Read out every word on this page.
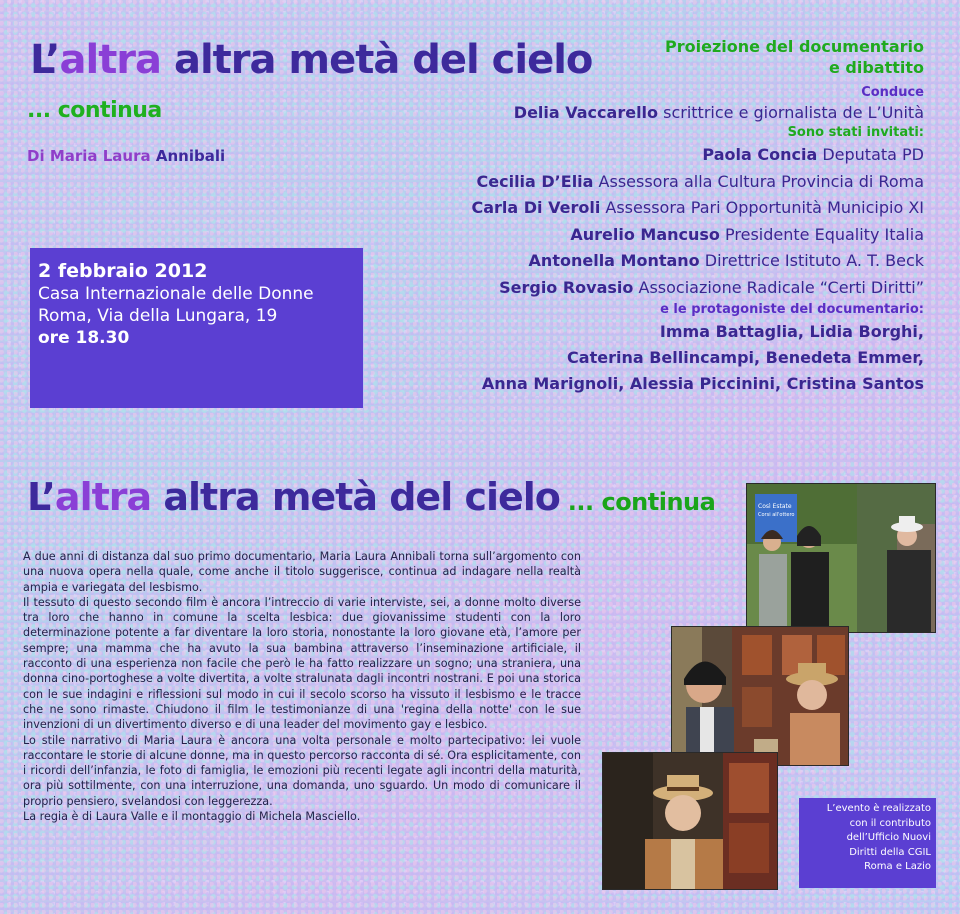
L’altra altra metà del cielo
... continua
Di Maria Laura Annibali
2 febbraio 2012
Casa Internazionale delle Donne
Roma, Via della Lungara, 19
ore 18.30
Proiezione del documentario
e dibattito
Conduce
Delia Vaccarello scrittrice e giornalista de L’Unità
Sono stati invitati:
Paola Concia Deputata PD
Cecilia D’Elia Assessora alla Cultura Provincia di Roma
Carla Di Veroli Assessora Pari Opportunità Municipio XI
Aurelio Mancuso Presidente Equality Italia
Antonella Montano Direttrice Istituto A. T. Beck
Sergio Rovasio Associazione Radicale “Certi Diritti”
e le protagoniste del documentario:
Imma Battaglia, Lidia Borghi,
Caterina Bellincampi, Benedeta Emmer,
Anna Marignoli, Alessia Piccinini, Cristina Santos
L’altra altra metà del cielo ... continua

A due anni di distanza dal suo primo documentario, Maria Laura Annibali torna sull’argomento con una nuova opera nella quale, come anche il titolo suggerisce, continua ad indagare nella realtà ampia e variegata del lesbismo.

Il tessuto di questo secondo film è ancora l’intreccio di varie interviste, sei, a donne molto diverse tra loro che hanno in comune la scelta lesbica: due giovanissime studenti con la loro determinazione potente a far diventare la loro storia, nonostante la loro giovane età, l’amore per sempre; una mamma che ha avuto la sua bambina attraverso l’inseminazione artificiale, il racconto di una esperienza non facile che però le ha fatto realizzare un sogno; una straniera, una donna cino-portoghese a volte divertita, a volte stralunata dagli incontri nostrani. E poi una storica con le sue indagini e riflessioni sul modo in cui il secolo scorso ha vissuto il lesbismo e le tracce che ne sono rimaste. Chiudono il film le testimonianze di una 'regina della notte' con le sue invenzioni di un divertimento diverso e di una leader del movimento gay e lesbico.

Lo stile narrativo di Maria Laura è ancora una volta personale e molto partecipativo: lei vuole raccontare le storie di alcune donne, ma in questo percorso racconta di sé. Ora esplicitamente, con i ricordi dell’infanzia, le foto di famiglia, le emozioni più recenti legate agli incontri della maturità, ora più sottilmente, con una interruzione, una domanda, uno sguardo. Un modo di comunicare il proprio pensiero, svelandosi con leggerezza.

La regia è di Laura Valle e il montaggio di Michela Masciello.

Così Estate
Corsi all'ottero
L’evento è realizzato
con il contributo
dell’Ufficio Nuovi
Diritti della CGIL
Roma e Lazio
